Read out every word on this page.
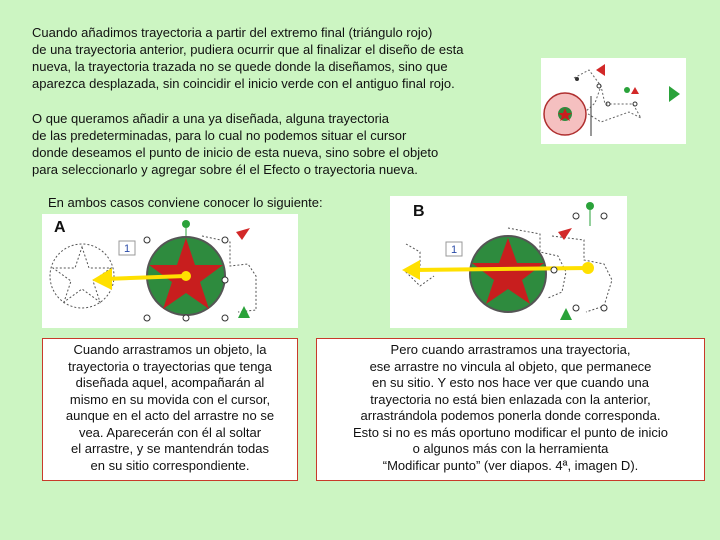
Cuando añadimos trayectoria a partir del extremo final (triángulo rojo)
de una trayectoria anterior, pudiera ocurrir que al finalizar el diseño de esta
nueva, la trayectoria trazada no se quede donde la diseñamos, sino que
aparezca desplazada, sin coincidir el inicio verde con el antiguo final rojo.

O que queramos añadir a una ya diseñada, alguna trayectoria
de las predeterminadas, para lo cual no podemos situar el cursor
donde deseamos el punto de inicio de esta nueva, sino sobre el objeto
para seleccionarlo y agregar sobre él el Efecto o trayectoria nueva.

En ambos casos conviene conocer lo siguiente:

1
A
1
B
Cuando arrastramos un objeto, la
trayectoria o trayectorias que tenga
diseñada aquel, acompañarán al
mismo en su movida con el cursor,
aunque en el acto del arrastre no se
vea. Aparecerán con él al soltar
el arrastre, y se mantendrán todas
en su sitio correspondiente.
Pero cuando arrastramos una trayectoria,
ese arrastre no vincula al objeto, que permanece
en su sitio. Y esto nos hace ver que cuando una
trayectoria no está bien enlazada con la anterior,
arrastrándola podemos ponerla donde corresponda.
Esto si no es más oportuno modificar el punto de inicio
o algunos más con la herramienta
“Modificar punto” (ver diapos. 4ª, imagen D).
